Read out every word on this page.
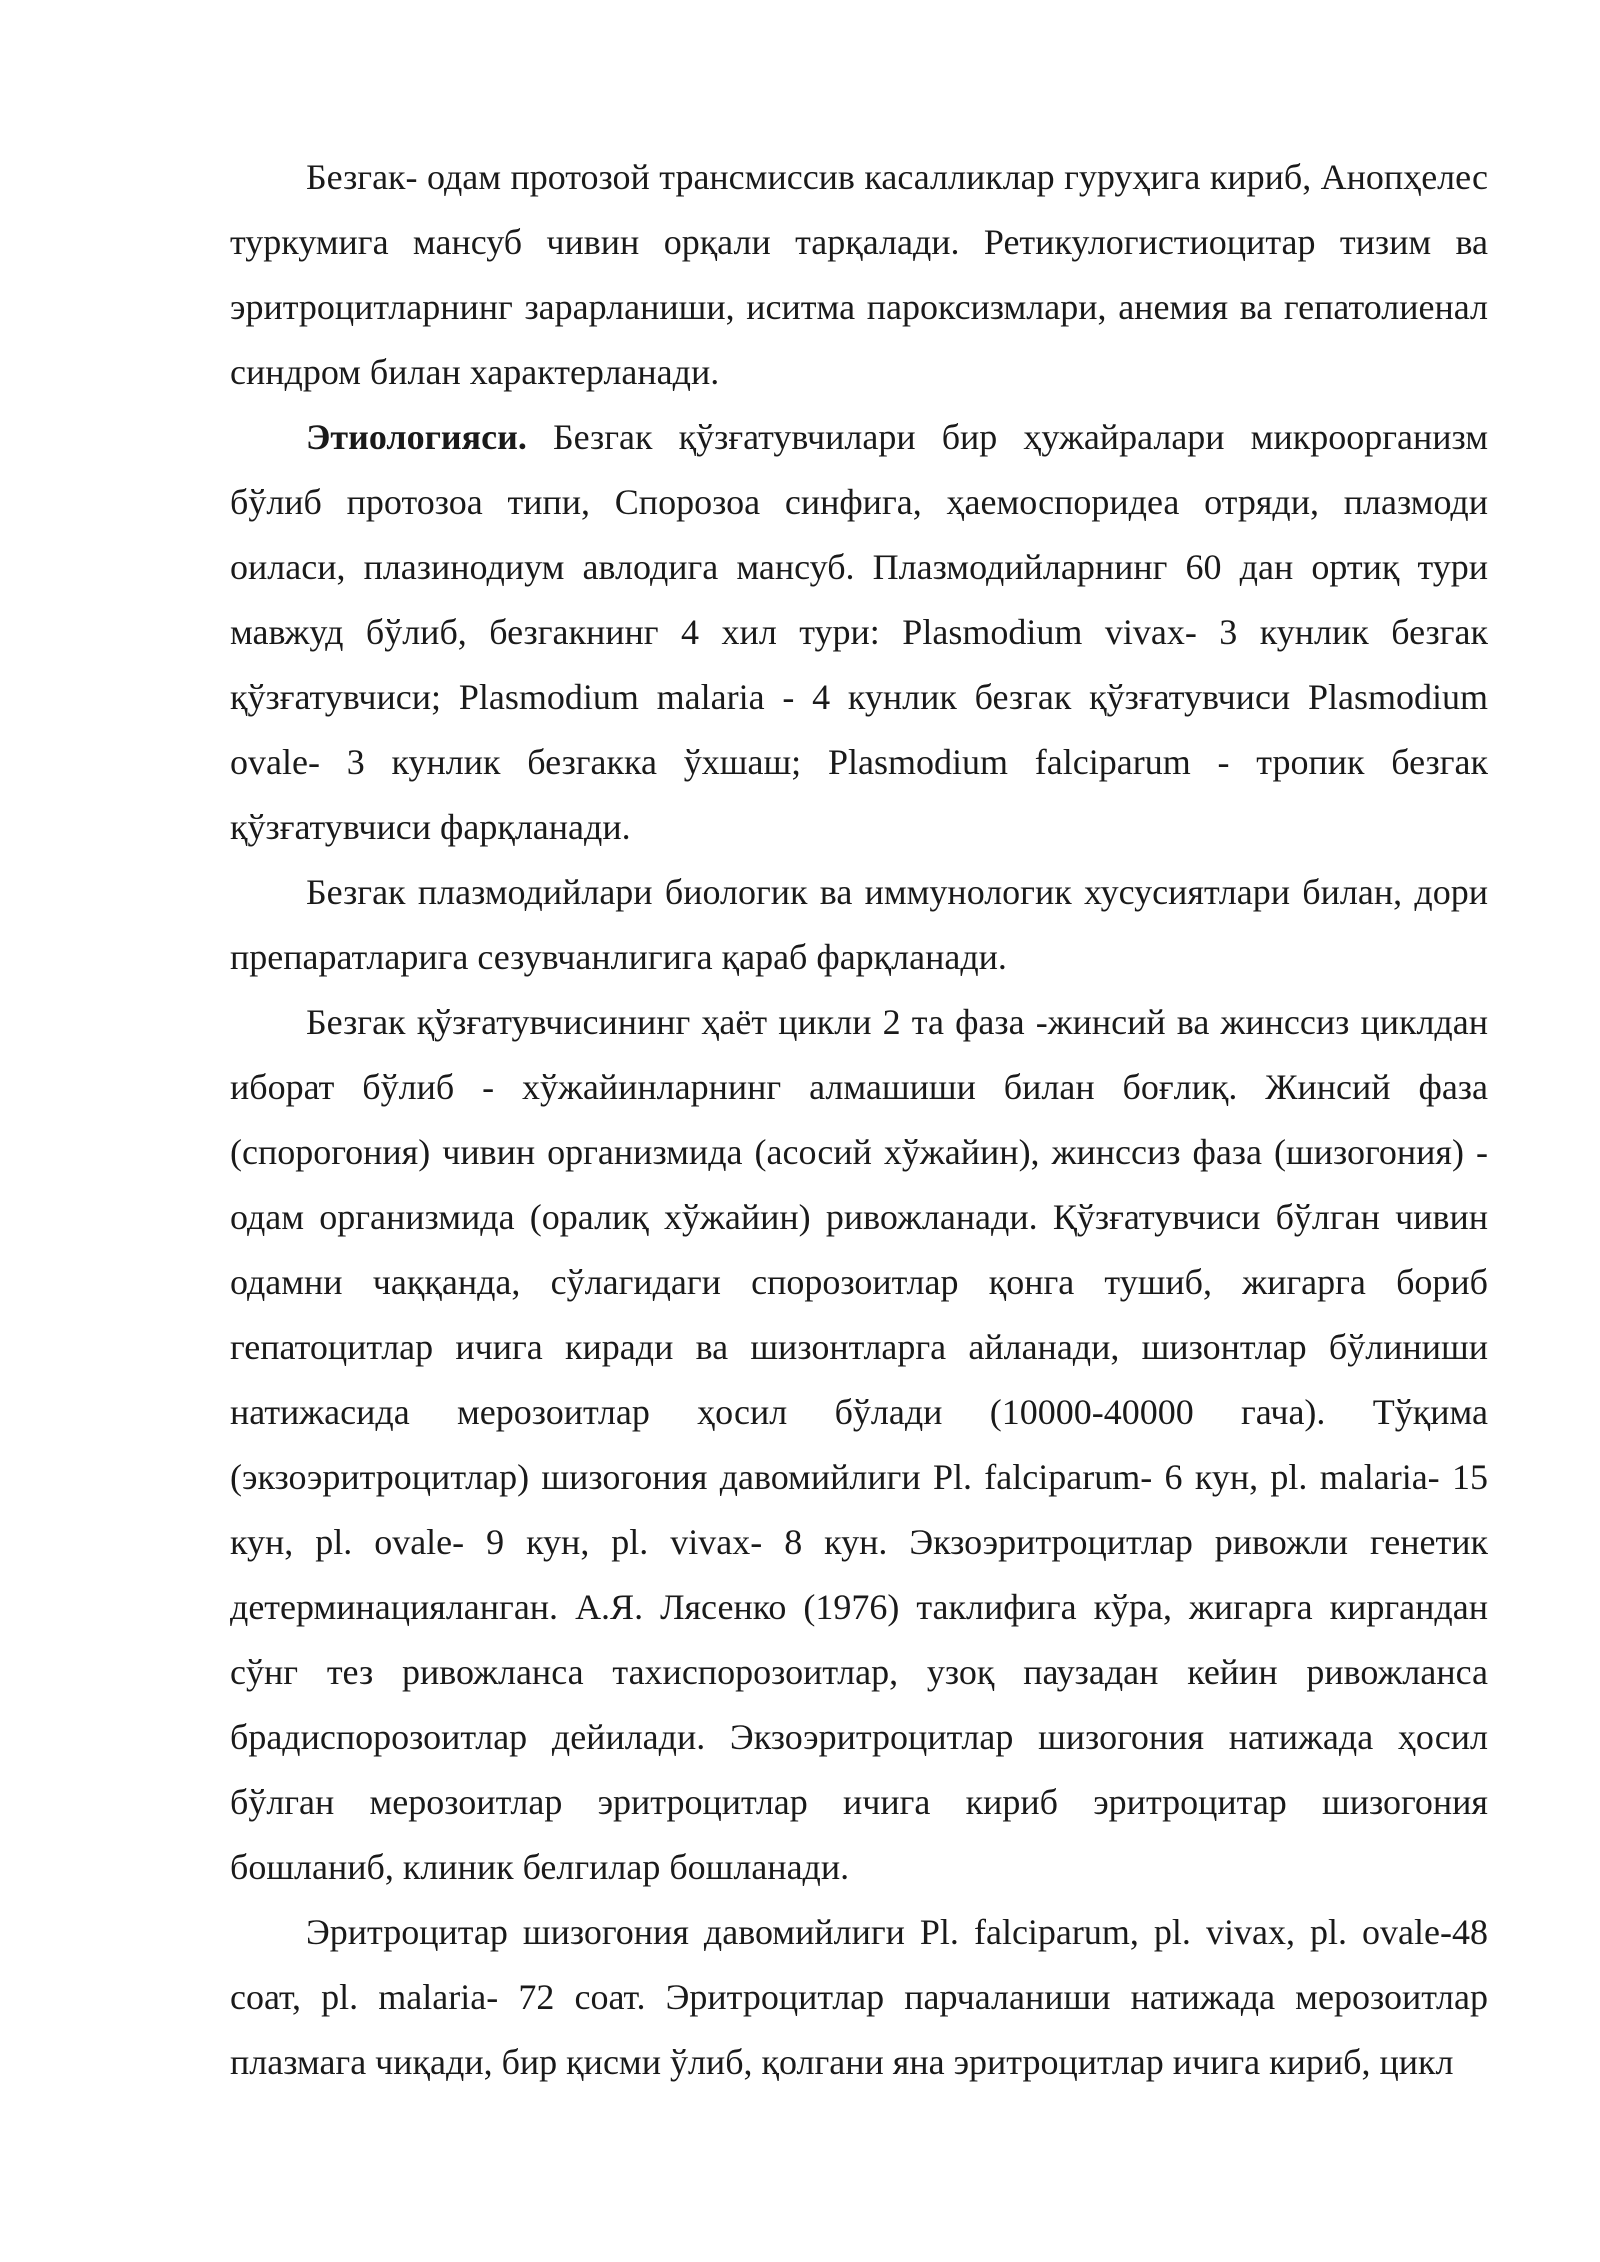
Безгак- одам протозой трансмиссив касалликлар гуруҳига кириб, Анопҳелес туркумига мансуб чивин орқали тарқалади. Ретикулогистиоцитар тизим ва эритроцитларнинг зарарланиши, иситма пароксизмлари, анемия ва гепатолиенал синдром билан характерланади.

Этиологияси. Безгак қўзғатувчилари бир ҳужайралари микроорганизм бўлиб протозоа типи, Спорозоа синфига, ҳаемоспоридеа отряди, плазмоди оиласи, плазинодиум авлодига мансуб. Плазмодийларнинг 60 дан ортиқ тури мавжуд бўлиб, безгакнинг 4 хил тури: Plasmodium vivax- 3 кунлик безгак қўзғатувчиси; Plasmodium malaria - 4 кунлик безгак қўзғатувчиси Plasmodium ovale- 3 кунлик безгакка ўхшаш; Plasmodium falciparum - тропик безгак қўзғатувчиси фарқланади.

Безгак плазмодийлари биологик ва иммунологик хусусиятлари билан, дори препаратларига сезувчанлигига қараб фарқланади.

Безгак қўзғатувчисининг ҳаёт цикли 2 та фаза -жинсий ва жинссиз циклдан иборат бўлиб - хўжайинларнинг алмашиши билан боғлиқ. Жинсий фаза (спорогония) чивин организмида (асосий хўжайин), жинссиз фаза (шизогония) - одам организмида (оралиқ хўжайин) ривожланади. Қўзғатувчиси бўлган чивин одамни чаққанда, сўлагидаги спорозоитлар қонга тушиб, жигарга бориб гепатоцитлар ичига киради ва шизонтларга айланади, шизонтлар бўлиниши натижасида мерозоитлар ҳосил бўлади (10000-40000 гача). Тўқима (экзоэритроцитлар) шизогония давомийлиги Pl. falciparum- 6 кун, pl. malaria- 15 кун, pl. ovale- 9 кун, pl. vivax- 8 кун. Экзоэритроцитлар ривожли генетик детерминацияланган. А.Я. Лясенко (1976) таклифига кўра, жигарга киргандан сўнг тез ривожланса тахиспорозоитлар, узоқ паузадан кейин ривожланса брадиспорозоитлар дейилади. Экзоэритроцитлар шизогония натижада ҳосил бўлган мерозоитлар эритроцитлар ичига кириб эритроцитар шизогония бошланиб, клиник белгилар бошланади.

Эритроцитар шизогония давомийлиги Pl. falciparum, pl. vivax, pl. ovale-48 соат, pl. malaria- 72 соат. Эритроцитлар парчаланиши натижада мерозоитлар плазмага чиқади, бир қисми ўлиб, қолгани яна эритроцитлар ичига кириб, цикл
